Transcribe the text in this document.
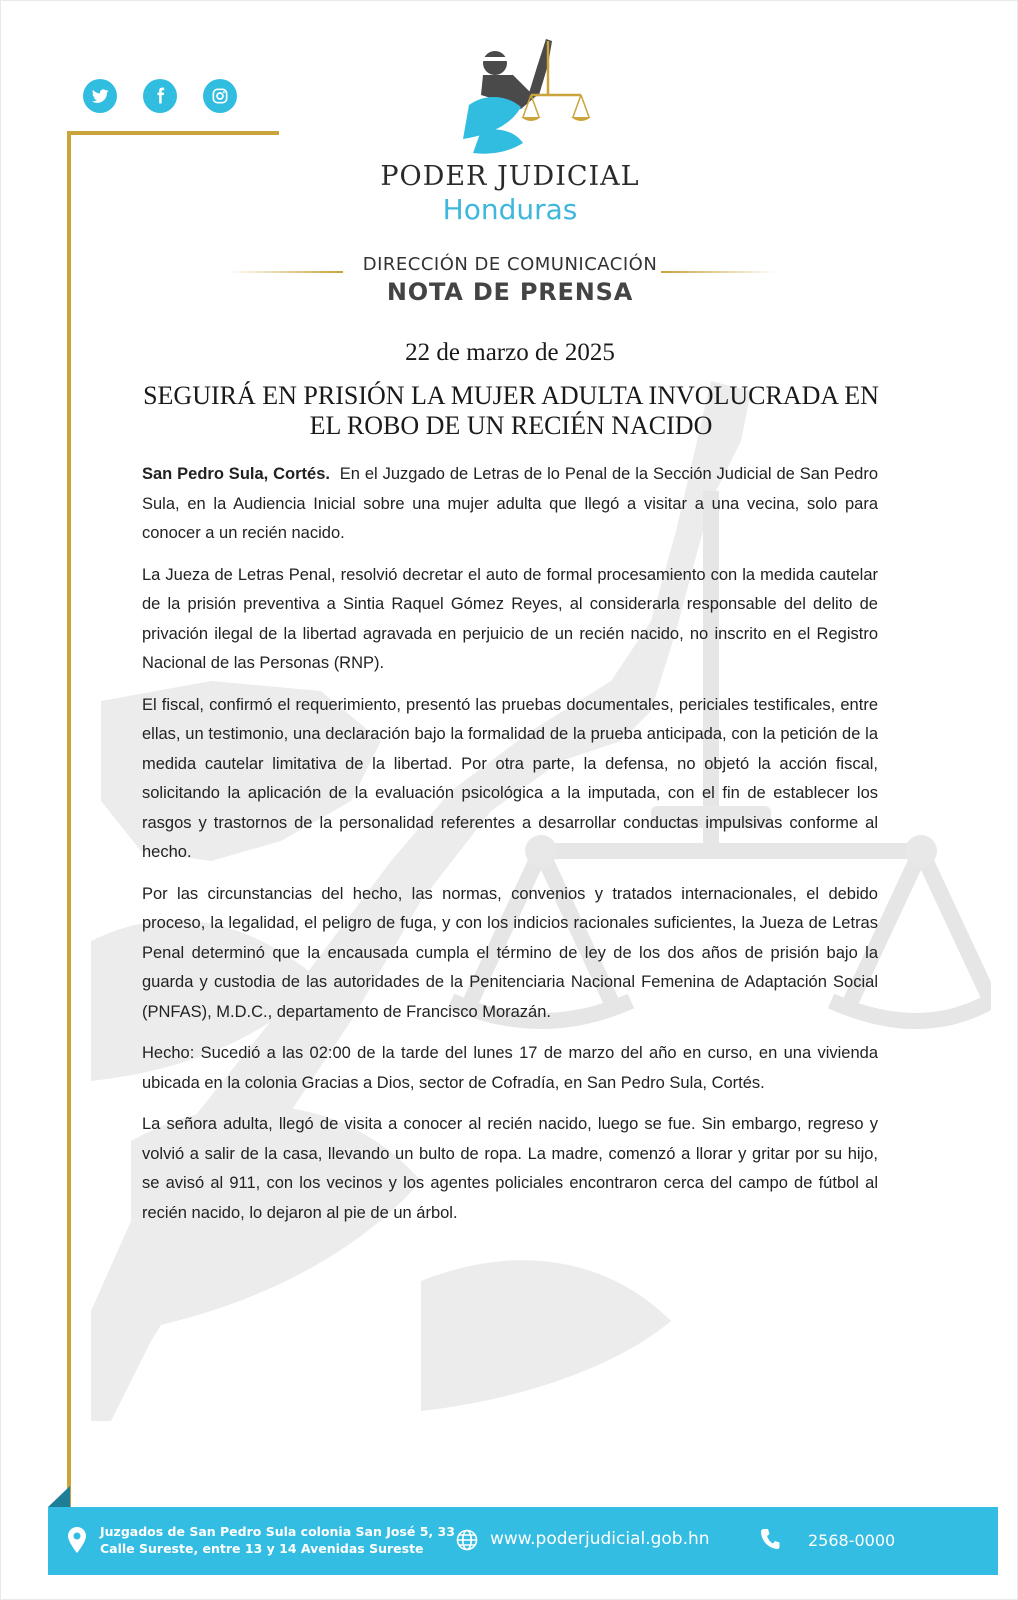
PODER JUDICIAL
Honduras
DIRECCIÓN DE COMUNICACIÓN
NOTA DE PRENSA
22 de marzo de 2025
SEGUIRÁ EN PRISIÓN LA MUJER ADULTA INVOLUCRADA EN
EL ROBO DE UN RECIÉN NACIDO

San Pedro Sula, Cortés. En el Juzgado de Letras de lo Penal de la Sección Judicial de San Pedro Sula, en la Audiencia Inicial sobre una mujer adulta que llegó a visitar a una vecina, solo para conocer a un recién nacido.

La Jueza de Letras Penal, resolvió decretar el auto de formal procesamiento con la medida cautelar de la prisión preventiva a Sintia Raquel Gómez Reyes, al considerarla responsable del delito de privación ilegal de la libertad agravada en perjuicio de un recién nacido, no inscrito en el Registro Nacional de las Personas (RNP).

El fiscal, confirmó el requerimiento, presentó las pruebas documentales, periciales testificales, entre ellas, un testimonio, una declaración bajo la formalidad de la prueba anticipada, con la petición de la medida cautelar limitativa de la libertad. Por otra parte, la defensa, no objetó la acción fiscal, solicitando la aplicación de la evaluación psicológica a la imputada, con el fin de establecer los rasgos y trastornos de la personalidad referentes a desarrollar conductas impulsivas conforme al hecho.

Por las circunstancias del hecho, las normas, convenios y tratados internacionales, el debido proceso, la legalidad, el peligro de fuga, y con los indicios racionales suficientes, la Jueza de Letras Penal determinó que la encausada cumpla el término de ley de los dos años de prisión bajo la guarda y custodia de las autoridades de la Penitenciaria Nacional Femenina de Adaptación Social (PNFAS), M.D.C., departamento de Francisco Morazán.

Hecho: Sucedió a las 02:00 de la tarde del lunes 17 de marzo del año en curso, en una vivienda ubicada en la colonia Gracias a Dios, sector de Cofradía, en San Pedro Sula, Cortés.

La señora adulta, llegó de visita a conocer al recién nacido, luego se fue. Sin embargo, regreso y volvió a salir de la casa, llevando un bulto de ropa. La madre, comenzó a llorar y gritar por su hijo, se avisó al 911, con los vecinos y los agentes policiales encontraron cerca del campo de fútbol al recién nacido, lo dejaron al pie de un árbol.

Juzgados de San Pedro Sula colonia San José 5, 33
Calle Sureste, entre 13 y 14 Avenidas Sureste	www.poderjudicial.gob.hn	2568-0000
